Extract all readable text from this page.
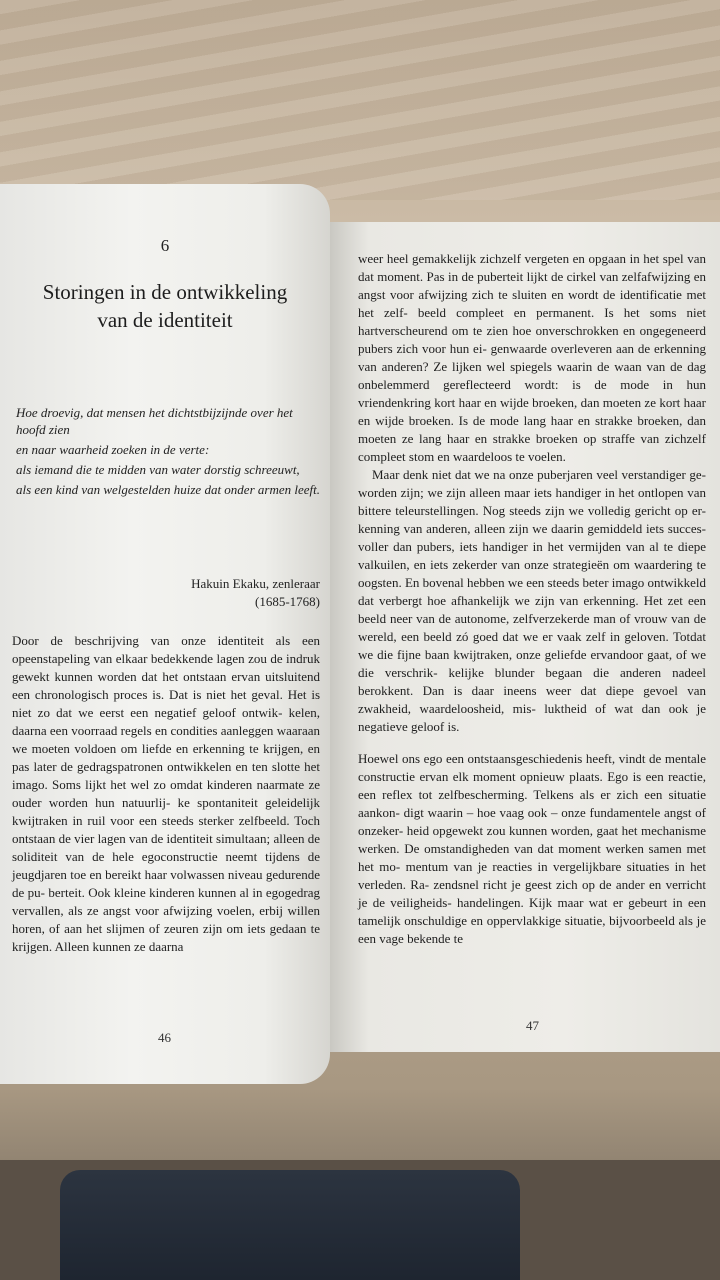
6
Storingen in de ontwikkeling
van de identiteit
Hoe droevig, dat mensen het dichtstbijzijnde over het hoofd zien
en naar waarheid zoeken in de verte:
als iemand die te midden van water dorstig schreeuwt,
als een kind van welgestelden huize dat onder armen leeft.
Hakuin Ekaku, zenleraar
(1685-1768)

Door de beschrijving van onze identiteit als een opeenstapeling van elkaar bedekkende lagen zou de indruk gewekt kunnen worden dat het ontstaan ervan uitsluitend een chronologisch proces is. Dat is niet het geval. Het is niet zo dat we eerst een negatief geloof ontwik- kelen, daarna een voorraad regels en condities aanleggen waaraan we moeten voldoen om liefde en erkenning te krijgen, en pas later de gedragspatronen ontwikkelen en ten slotte het imago. Soms lijkt het wel zo omdat kinderen naarmate ze ouder worden hun natuurlij- ke spontaniteit geleidelijk kwijtraken in ruil voor een steeds sterker zelfbeeld. Toch ontstaan de vier lagen van de identiteit simultaan; alleen de soliditeit van de hele egoconstructie neemt tijdens de jeugdjaren toe en bereikt haar volwassen niveau gedurende de pu- berteit. Ook kleine kinderen kunnen al in egogedrag vervallen, als ze angst voor afwijzing voelen, erbij willen horen, of aan het slijmen of zeuren zijn om iets gedaan te krijgen. Alleen kunnen ze daarna

46

weer heel gemakkelijk zichzelf vergeten en opgaan in het spel van dat moment. Pas in de puberteit lijkt de cirkel van zelfafwijzing en angst voor afwijzing zich te sluiten en wordt de identificatie met het zelf- beeld compleet en permanent. Is het soms niet hartverscheurend om te zien hoe onverschrokken en ongegeneerd pubers zich voor hun ei- genwaarde overleveren aan de erkenning van anderen? Ze lijken wel spiegels waarin de waan van de dag onbelemmerd gereflecteerd wordt: is de mode in hun vriendenkring kort haar en wijde broeken, dan moeten ze kort haar en wijde broeken. Is de mode lang haar en strakke broeken, dan moeten ze lang haar en strakke broeken op straffe van zichzelf compleet stom en waardeloos te voelen.

Maar denk niet dat we na onze puberjaren veel verstandiger ge- worden zijn; we zijn alleen maar iets handiger in het ontlopen van bittere teleurstellingen. Nog steeds zijn we volledig gericht op er- kenning van anderen, alleen zijn we daarin gemiddeld iets succes- voller dan pubers, iets handiger in het vermijden van al te diepe valkuilen, en iets zekerder van onze strategieën om waardering te oogsten. En bovenal hebben we een steeds beter imago ontwikkeld dat verbergt hoe afhankelijk we zijn van erkenning. Het zet een beeld neer van de autonome, zelfverzekerde man of vrouw van de wereld, een beeld zó goed dat we er vaak zelf in geloven. Totdat we die fijne baan kwijtraken, onze geliefde ervandoor gaat, of we die verschrik- kelijke blunder begaan die anderen nadeel berokkent. Dan is daar ineens weer dat diepe gevoel van zwakheid, waardeloosheid, mis- luktheid of wat dan ook je negatieve geloof is.

Hoewel ons ego een ontstaansgeschiedenis heeft, vindt de mentale constructie ervan elk moment opnieuw plaats. Ego is een reactie, een reflex tot zelfbescherming. Telkens als er zich een situatie aankon- digt waarin – hoe vaag ook – onze fundamentele angst of onzeker- heid opgewekt zou kunnen worden, gaat het mechanisme werken. De omstandigheden van dat moment werken samen met het mo- mentum van je reacties in vergelijkbare situaties in het verleden. Ra- zendsnel richt je geest zich op de ander en verricht je de veiligheids- handelingen. Kijk maar wat er gebeurt in een tamelijk onschuldige en oppervlakkige situatie, bijvoorbeeld als je een vage bekende te

47
